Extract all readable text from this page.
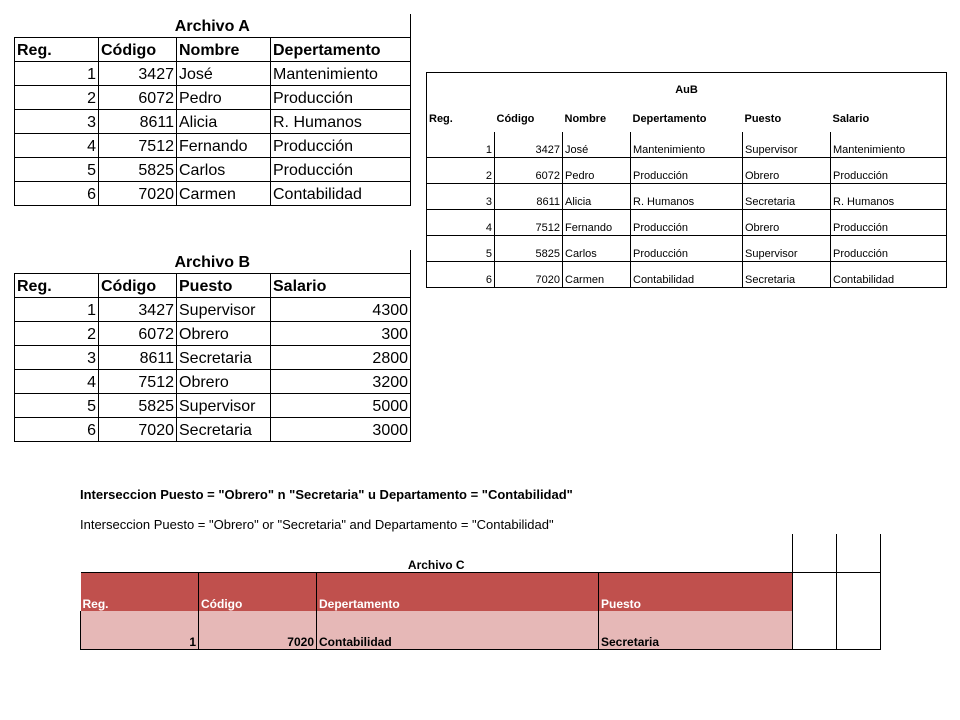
Archivo A			
Reg.	Código	Nombre	Depertamento
1	3427	José	Mantenimiento
2	6072	Pedro	Producción
3	8611	Alicia	R. Humanos
4	7512	Fernando	Producción
5	5825	Carlos	Producción
6	7020	Carmen	Contabilidad
Archivo B			
Reg.	Código	Puesto	Salario
1	3427	Supervisor	4300
2	6072	Obrero	300
3	8611	Secretaria	2800
4	7512	Obrero	3200
5	5825	Supervisor	5000
6	7020	Secretaria	3000
AuB					
Reg.	Código	Nombre	Depertamento	Puesto	Salario
1	3427	José	Mantenimiento	Supervisor	Mantenimiento
2	6072	Pedro	Producción	Obrero	Producción
3	8611	Alicia	R. Humanos	Secretaria	R. Humanos
4	7512	Fernando	Producción	Obrero	Producción
5	5825	Carlos	Producción	Supervisor	Producción
6	7020	Carmen	Contabilidad	Secretaria	Contabilidad
Interseccion Puesto = "Obrero" n "Secretaria" u Departamento = "Contabilidad"
Interseccion Puesto = "Obrero" or "Secretaria" and Departamento = "Contabilidad"
Archivo C					
Reg.	Código	Depertamento	Puesto		
1	7020	Contabilidad	Secretaria		
